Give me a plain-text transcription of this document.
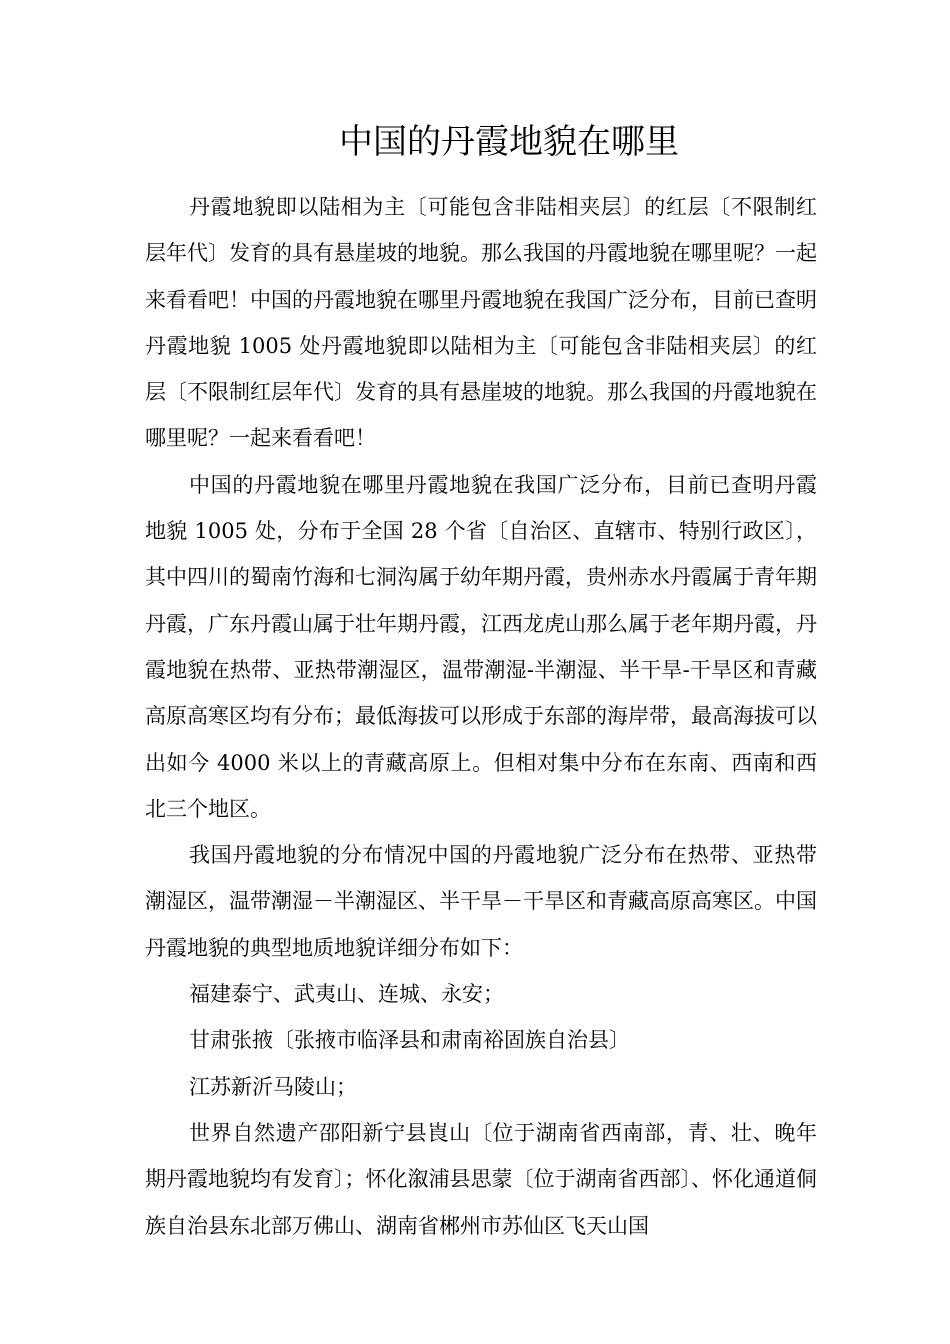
中国的丹霞地貌在哪里

丹霞地貌即以陆相为主〔可能包含非陆相夹层〕的红层〔不限制红层年代〕发育的具有悬崖坡的地貌。那么我国的丹霞地貌在哪里呢？一起来看看吧！中国的丹霞地貌在哪里丹霞地貌在我国广泛分布，目前已查明丹霞地貌 1005 处丹霞地貌即以陆相为主〔可能包含非陆相夹层〕的红层〔不限制红层年代〕发育的具有悬崖坡的地貌。那么我国的丹霞地貌在哪里呢？一起来看看吧！

中国的丹霞地貌在哪里丹霞地貌在我国广泛分布，目前已查明丹霞地貌 1005 处，分布于全国 28 个省〔自治区、直辖市、特别行政区〕，其中四川的蜀南竹海和七洞沟属于幼年期丹霞，贵州赤水丹霞属于青年期丹霞，广东丹霞山属于壮年期丹霞，江西龙虎山那么属于老年期丹霞，丹霞地貌在热带、亚热带潮湿区，温带潮湿-半潮湿、半干旱-干旱区和青藏高原高寒区均有分布；最低海拔可以形成于东部的海岸带，最高海拔可以出如今 4000 米以上的青藏高原上。但相对集中分布在东南、西南和西北三个地区。

我国丹霞地貌的分布情况中国的丹霞地貌广泛分布在热带、亚热带潮湿区，温带潮湿－半潮湿区、半干旱－干旱区和青藏高原高寒区。中国丹霞地貌的典型地质地貌详细分布如下：

福建泰宁、武夷山、连城、永安；

甘肃张掖〔张掖市临泽县和肃南裕固族自治县〕

江苏新沂马陵山；

世界自然遗产邵阳新宁县崀山〔位于湖南省西南部，青、壮、晚年期丹霞地貌均有发育〕；怀化溆浦县思蒙〔位于湖南省西部〕、怀化通道侗族自治县东北部万佛山、湖南省郴州市苏仙区飞天山国
